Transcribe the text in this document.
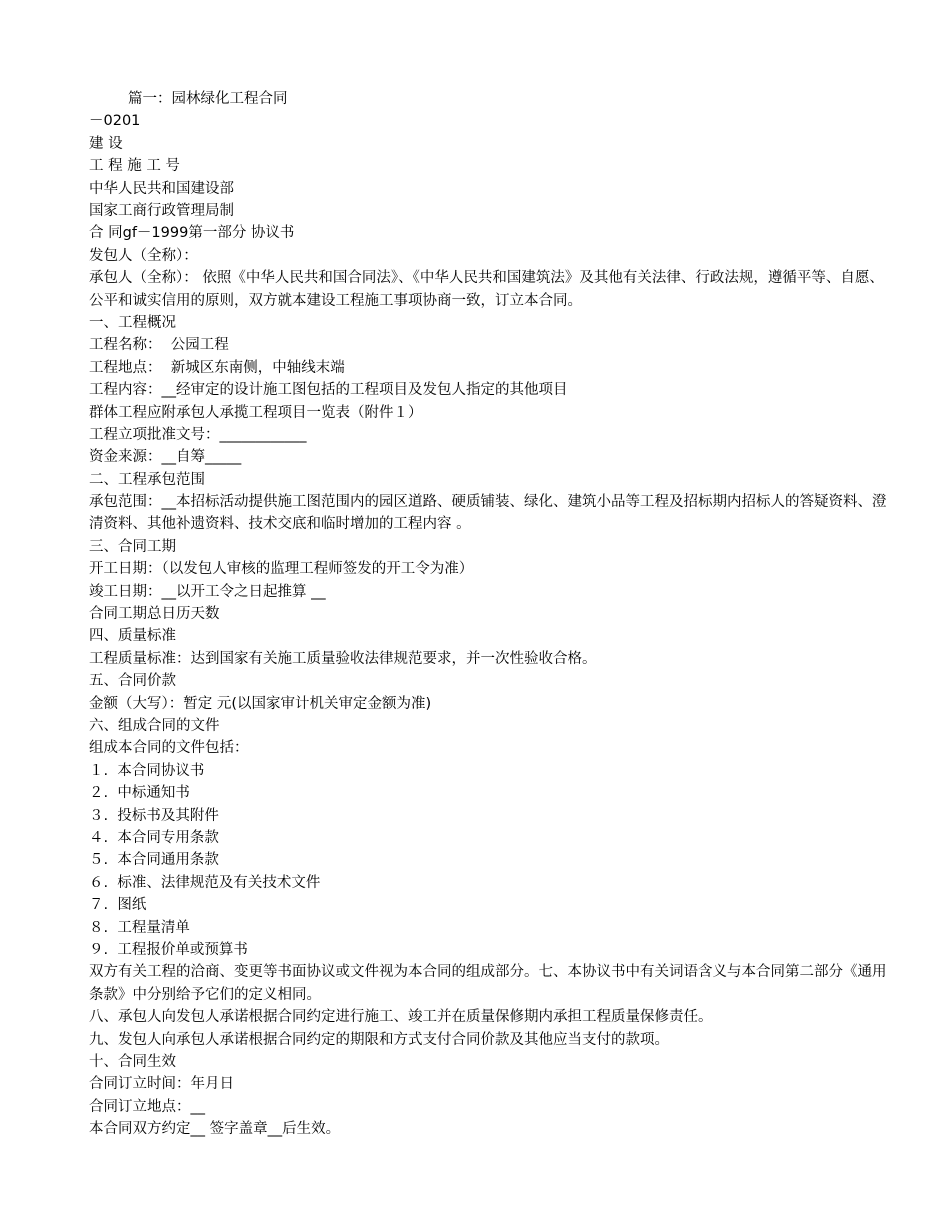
篇一：园林绿化工程合同
－0201
建 设
工 程 施 工 号
中华人民共和国建设部
国家工商行政管理局制
合 同gf－1999第一部分 协议书
发包人（全称）：
承包人（全称）： 依照《中华人民共和国合同法》、《中华人民共和国建筑法》及其他有关法律、行政法规，遵循平等、自愿、公平和诚实信用的原则，双方就本建设工程施工事项协商一致，订立本合同。
一、工程概况
工程名称：  公园工程
工程地点：  新城区东南侧，中轴线末端
工程内容：__经审定的设计施工图包括的工程项目及发包人指定的其他项目
群体工程应附承包人承揽工程项目一览表（附件１）
工程立项批准文号：____________
资金来源：__自筹_____
二、工程承包范围
承包范围：__本招标活动提供施工图范围内的园区道路、硬质铺装、绿化、建筑小品等工程及招标期内招标人的答疑资料、澄清资料、其他补遗资料、技术交底和临时增加的工程内容 。
三、合同工期
开工日期：（以发包人审核的监理工程师签发的开工令为准）
竣工日期：__以开工令之日起推算 __
合同工期总日历天数
四、质量标准
工程质量标准：达到国家有关施工质量验收法律规范要求，并一次性验收合格。
五、合同价款
金额（大写）：暂定 元(以国家审计机关审定金额为准)
六、组成合同的文件
组成本合同的文件包括：
１.  本合同协议书
２.  中标通知书
３.  投标书及其附件
４.  本合同专用条款
５.  本合同通用条款
６.  标准、法律规范及有关技术文件
７.  图纸
８.  工程量清单
９.  工程报价单或预算书
双方有关工程的洽商、变更等书面协议或文件视为本合同的组成部分。七、本协议书中有关词语含义与本合同第二部分《通用条款》中分别给予它们的定义相同。
八、承包人向发包人承诺根据合同约定进行施工、竣工并在质量保修期内承担工程质量保修责任。
九、发包人向承包人承诺根据合同约定的期限和方式支付合同价款及其他应当支付的款项。
十、合同生效
合同订立时间：年月日
合同订立地点：__
本合同双方约定__ 签字盖章__后生效。
